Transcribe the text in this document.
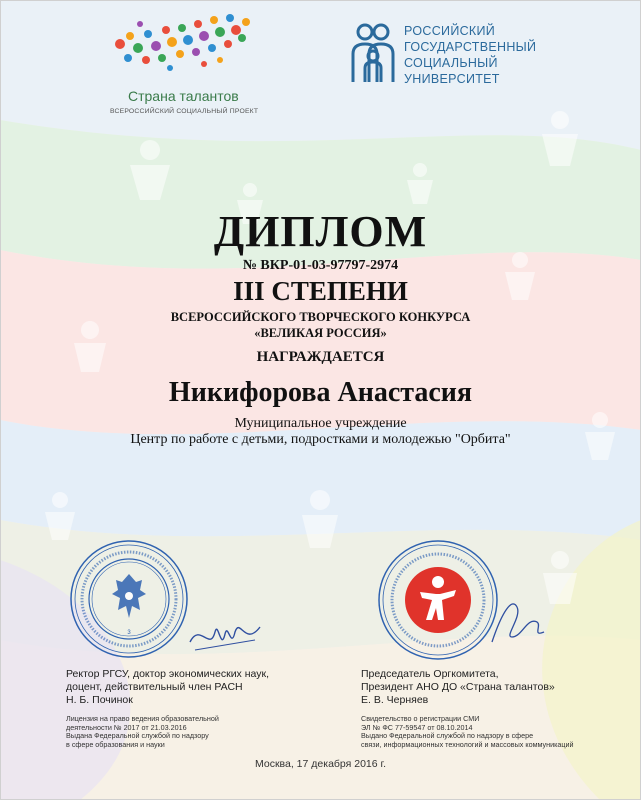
Страна талантов
ВСЕРОССИЙСКИЙ СОЦИАЛЬНЫЙ ПРОЕКТ
РОССИЙСКИЙ
ГОСУДАРСТВЕННЫЙ
СОЦИАЛЬНЫЙ
УНИВЕРСИТЕТ
ДИПЛОМ
№ ВКР-01-03-97797-2974
III СТЕПЕНИ
ВСЕРОССИЙСКОГО ТВОРЧЕСКОГО КОНКУРСА
«ВЕЛИКАЯ РОССИЯ»
НАГРАЖДАЕТСЯ
Никифорова Анастасия
Муниципальное учреждение
Центр по работе с детьми, подростками и молодежью "Орбита"
3
Ректор РГСУ, доктор экономических наук,
доцент, действительный член РАСН
Н. Б. Починок
Председатель Оргкомитета,
Президент АНО ДО «Страна талантов»
Е. В. Черняев
Лицензия на право ведения образовательной
деятельности № 2017 от 21.03.2016
Выдана Федеральной службой по надзору
в сфере образования и науки
Свидетельство о регистрации СМИ
ЭЛ № ФС 77-59547 от 08.10.2014
Выдано Федеральной службой по надзору в сфере
связи, информационных технологий и массовых коммуникаций
Москва, 17 декабря 2016 г.
